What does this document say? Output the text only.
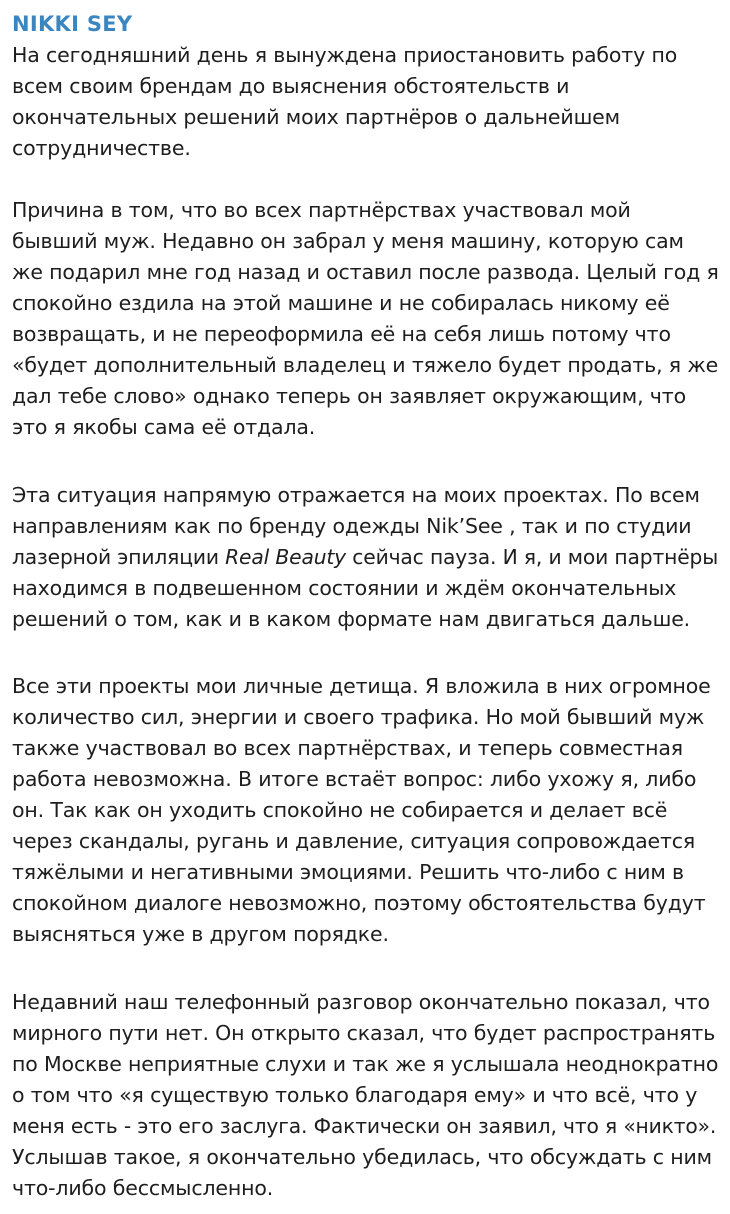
NIKKI SEY
На сегодняшний день я вынуждена приостановить работу по
всем своим брендам до выяснения обстоятельств и
окончательных решений моих партнёров о дальнейшем
сотрудничестве.
Причина в том, что во всех партнёрствах участвовал мой
бывший муж. Недавно он забрал у меня машину, которую сам
же подарил мне год назад и оставил после развода. Целый год я
спокойно ездила на этой машине и не собиралась никому её
возвращать, и не переоформила её на себя лишь потому что
«будет дополнительный владелец и тяжело будет продать, я же
дал тебе слово» однако теперь он заявляет окружающим, что
это я якобы сама её отдала.
Эта ситуация напрямую отражается на моих проектах. По всем
направлениям как по бренду одежды Nik’See , так и по студии
лазерной эпиляции Real Beauty сейчас пауза. И я, и мои партнёры
находимся в подвешенном состоянии и ждём окончательных
решений о том, как и в каком формате нам двигаться дальше.
Все эти проекты мои личные детища. Я вложила в них огромное
количество сил, энергии и своего трафика. Но мой бывший муж
также участвовал во всех партнёрствах, и теперь совместная
работа невозможна. В итоге встаёт вопрос: либо ухожу я, либо
он. Так как он уходить спокойно не собирается и делает всё
через скандалы, ругань и давление, ситуация сопровождается
тяжёлыми и негативными эмоциями. Решить что-либо с ним в
спокойном диалоге невозможно, поэтому обстоятельства будут
выясняться уже в другом порядке.
Недавний наш телефонный разговор окончательно показал, что
мирного пути нет. Он открыто сказал, что будет распространять
по Москве неприятные слухи и так же я услышала неоднократно
о том что «я существую только благодаря ему» и что всё, что у
меня есть - это его заслуга. Фактически он заявил, что я «никто».
Услышав такое, я окончательно убедилась, что обсуждать с ним
что-либо бессмысленно.
